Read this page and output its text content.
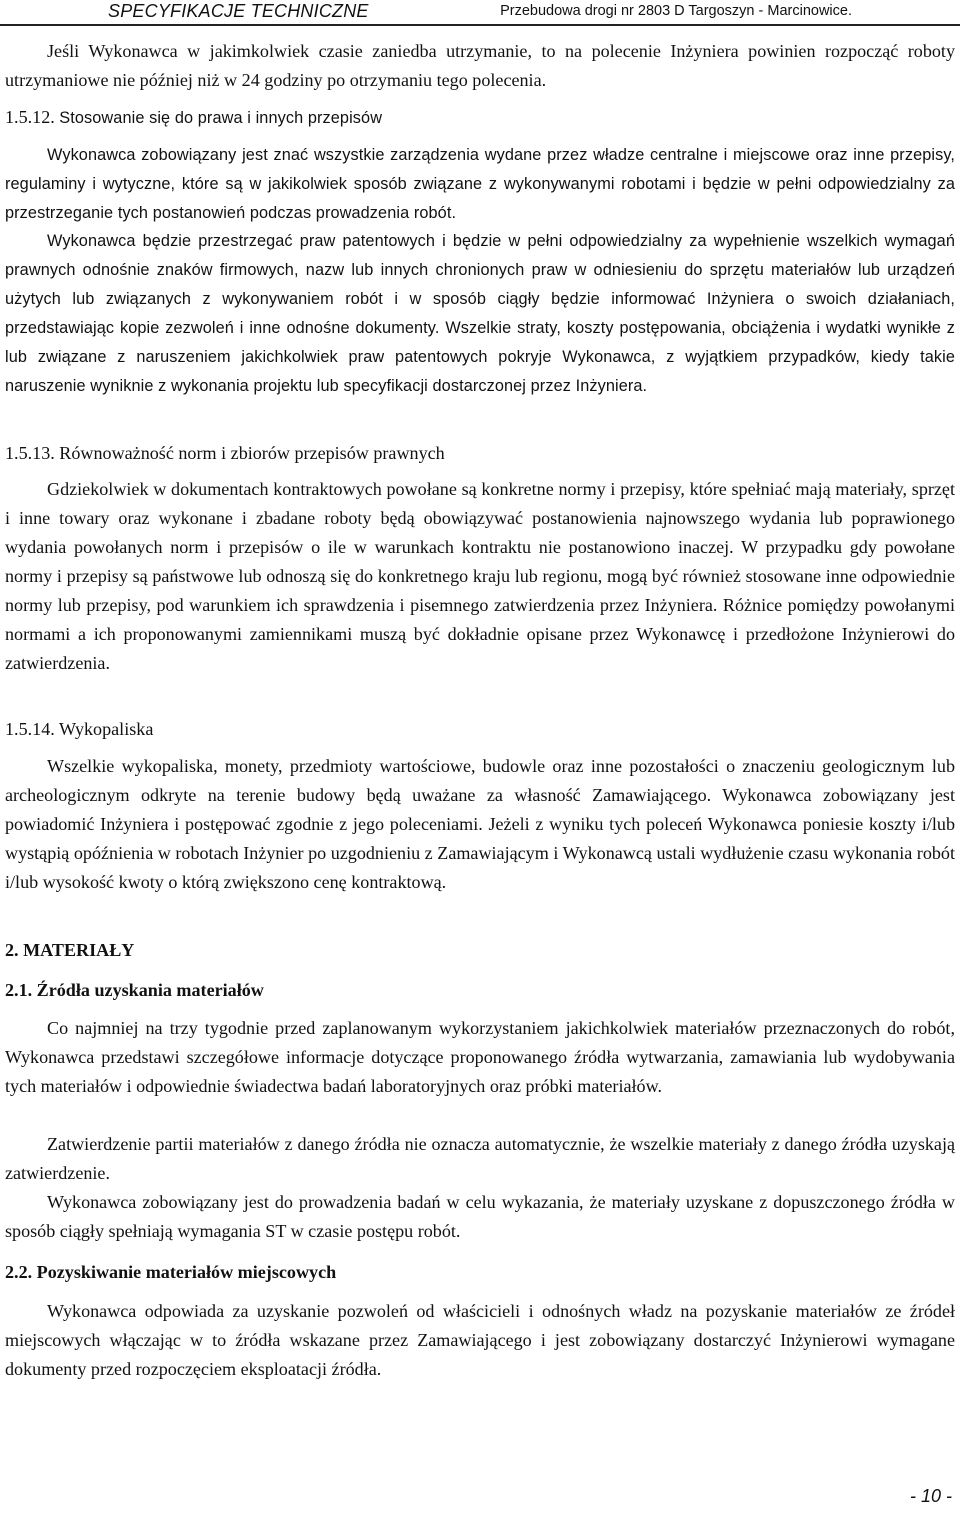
SPECYFIKACJE TECHNICZNE	Przebudowa drogi nr 2803 D Targoszyn - Marcinowice.
Jeśli Wykonawca w jakimkolwiek czasie zaniedba utrzymanie, to na polecenie Inżyniera powinien rozpocząć roboty utrzymaniowe nie później niż w 24 godziny po otrzymaniu tego polecenia.
1.5.12. Stosowanie się do prawa i innych przepisów
Wykonawca zobowiązany jest znać wszystkie zarządzenia wydane przez władze centralne i miejscowe oraz inne przepisy, regulaminy i wytyczne, które są w jakikolwiek sposób związane z wykonywanymi robotami i będzie w pełni odpowiedzialny za przestrzeganie tych postanowień podczas prowadzenia robót.
Wykonawca będzie przestrzegać praw patentowych i będzie w pełni odpowiedzialny za wypełnienie wszelkich wymagań prawnych odnośnie znaków firmowych, nazw lub innych chronionych praw w odniesieniu do sprzętu materiałów lub urządzeń użytych lub związanych z wykonywaniem robót i w sposób ciągły będzie informować Inżyniera o swoich działaniach, przedstawiając kopie zezwoleń i inne odnośne dokumenty. Wszelkie straty, koszty postępowania, obciążenia i wydatki wynikłe z lub związane z naruszeniem jakichkolwiek praw patentowych pokryje Wykonawca, z wyjątkiem przypadków, kiedy takie naruszenie wyniknie z wykonania projektu lub specyfikacji dostarczonej przez Inżyniera.
1.5.13. Równoważność norm i zbiorów przepisów prawnych
Gdziekolwiek w dokumentach kontraktowych powołane są konkretne normy i przepisy, które spełniać mają materiały, sprzęt i inne towary oraz wykonane i zbadane roboty będą obowiązywać postanowienia najnowszego wydania lub poprawionego wydania powołanych norm i przepisów o ile w warunkach kontraktu nie postanowiono inaczej. W przypadku gdy powołane normy i przepisy są państwowe lub odnoszą się do konkretnego kraju lub regionu, mogą być również stosowane inne odpowiednie normy lub przepisy, pod warunkiem ich sprawdzenia i pisemnego zatwierdzenia przez Inżyniera. Różnice pomiędzy powołanymi normami a ich proponowanymi zamiennikami muszą być dokładnie opisane przez Wykonawcę i przedłożone Inżynierowi do zatwierdzenia.
1.5.14. Wykopaliska
Wszelkie wykopaliska, monety, przedmioty wartościowe, budowle oraz inne pozostałości o znaczeniu geologicznym lub archeologicznym odkryte na terenie budowy będą uważane za własność Zamawiającego. Wykonawca zobowiązany jest powiadomić Inżyniera i postępować zgodnie z jego poleceniami. Jeżeli z wyniku tych poleceń Wykonawca poniesie koszty i/lub wystąpią opóźnienia w robotach Inżynier po uzgodnieniu z Zamawiającym i Wykonawcą ustali wydłużenie czasu wykonania robót i/lub wysokość kwoty o którą zwiększono cenę kontraktową.
2. MATERIAŁY
2.1. Źródła uzyskania materiałów
Co najmniej na trzy tygodnie przed zaplanowanym wykorzystaniem jakichkolwiek materiałów przeznaczonych do robót, Wykonawca przedstawi szczegółowe informacje dotyczące proponowanego źródła wytwarzania, zamawiania lub wydobywania tych materiałów i odpowiednie świadectwa badań laboratoryjnych oraz próbki materiałów.
Zatwierdzenie partii materiałów z danego źródła nie oznacza automatycznie, że wszelkie materiały z danego źródła uzyskają zatwierdzenie.
Wykonawca zobowiązany jest do prowadzenia badań w celu wykazania, że materiały uzyskane z dopuszczonego źródła w sposób ciągły spełniają wymagania ST w czasie postępu robót.
2.2. Pozyskiwanie materiałów miejscowych
Wykonawca odpowiada za uzyskanie pozwoleń od właścicieli i odnośnych władz na pozyskanie materiałów ze źródeł miejscowych włączając w to źródła wskazane przez Zamawiającego i jest zobowiązany dostarczyć Inżynierowi wymagane dokumenty przed rozpoczęciem eksploatacji źródła.
- 10 -
